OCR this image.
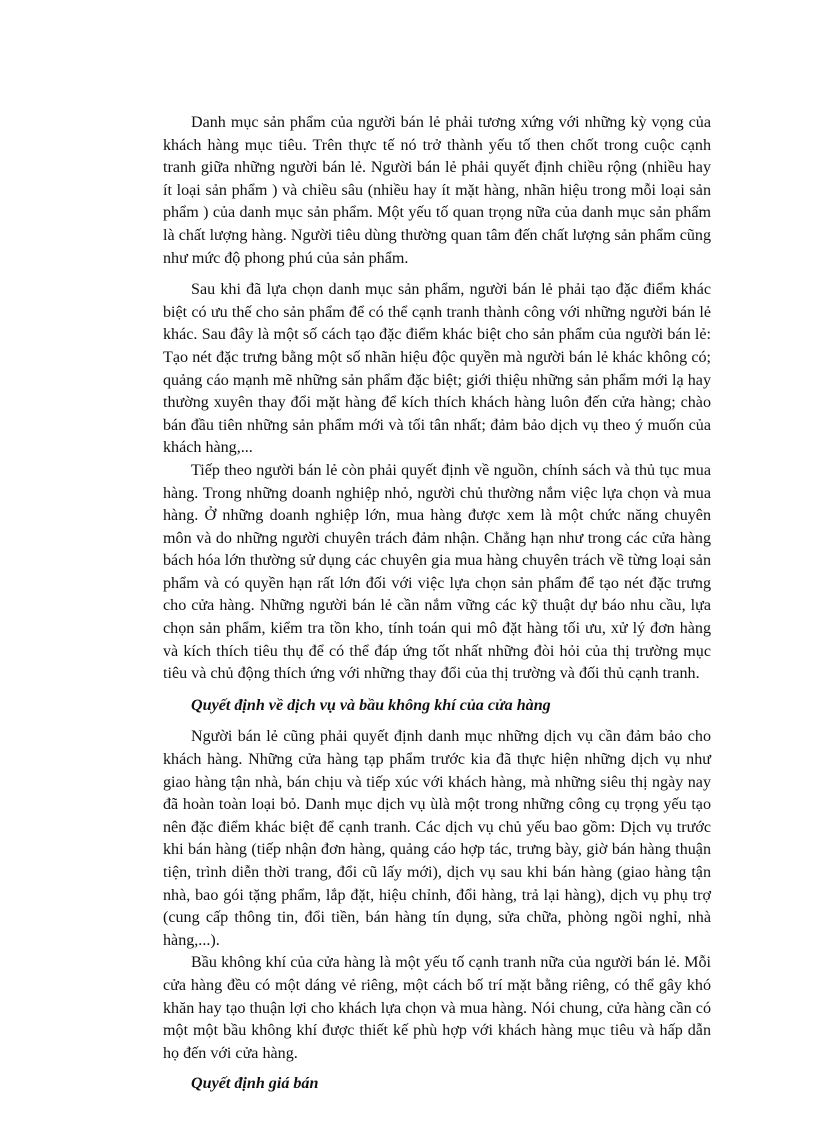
Danh mục sản phẩm của người bán lẻ phải tương xứng với những kỳ vọng của khách hàng mục tiêu. Trên thực tế nó trở thành yếu tố then chốt trong cuộc cạnh tranh giữa những người bán lẻ. Người bán lẻ phải quyết định chiều rộng (nhiều hay ít loại sản phẩm ) và chiều sâu (nhiều hay ít mặt hàng, nhãn hiệu trong mỗi loại sản phẩm ) của danh mục sản phẩm. Một yếu tố quan trọng nữa của danh mục sản phẩm là chất lượng hàng. Người tiêu dùng thường quan tâm đến chất lượng sản phẩm cũng như mức độ phong phú của sản phẩm.

Sau khi đã lựa chọn danh mục sản phẩm, người bán lẻ phải tạo đặc điểm khác biệt có ưu thế cho sản phẩm để có thể cạnh tranh thành công với những người bán lẻ khác. Sau đây là một số cách tạo đặc điểm khác biệt cho sản phẩm của người bán lẻ: Tạo nét đặc trưng bằng một số nhãn hiệu độc quyền mà người bán lẻ khác không có; quảng cáo mạnh mẽ những sản phẩm đặc biệt; giới thiệu những sản phẩm mới lạ hay thường xuyên thay đổi mặt hàng để kích thích khách hàng luôn đến cửa hàng; chào bán đầu tiên những sản phẩm mới và tối tân nhất; đảm bảo dịch vụ theo ý muốn của khách hàng,...

Tiếp theo người bán lẻ còn phải quyết định về nguồn, chính sách và thủ tục mua hàng. Trong những doanh nghiệp nhỏ, người chủ thường nắm việc lựa chọn và mua hàng. Ở những doanh nghiệp lớn, mua hàng được xem là một chức năng chuyên môn và do những người chuyên trách đảm nhận. Chẳng hạn như trong các cửa hàng bách hóa lớn thường sử dụng các chuyên gia mua hàng chuyên trách về từng loại sản phẩm và có quyền hạn rất lớn đối với việc lựa chọn sản phẩm để tạo nét đặc trưng cho cửa hàng. Những người bán lẻ cần nắm vững các kỹ thuật dự báo nhu cầu, lựa chọn sản phẩm, kiểm tra tồn kho, tính toán qui mô đặt hàng tối ưu, xử lý đơn hàng và kích thích tiêu thụ để có thể đáp ứng tốt nhất những đòi hỏi của thị trường mục tiêu và chủ động thích ứng với những thay đổi của thị trường và đối thủ cạnh tranh.

Quyết định về dịch vụ và bầu không khí của cửa hàng

Người bán lẻ cũng phải quyết định danh mục những dịch vụ cần đảm bảo cho khách hàng. Những cửa hàng tạp phẩm trước kia đã thực hiện những dịch vụ như giao hàng tận nhà, bán chịu và tiếp xúc với khách hàng, mà những siêu thị ngày nay đã hoàn toàn loại bỏ. Danh mục dịch vụ ùlà một trong những công cụ trọng yếu tạo nên đặc điểm khác biệt để cạnh tranh. Các dịch vụ chủ yếu bao gồm: Dịch vụ trước khi bán hàng (tiếp nhận đơn hàng, quảng cáo hợp tác, trưng bày, giờ bán hàng thuận tiện, trình diễn thời trang, đổi cũ lấy mới), dịch vụ sau khi bán hàng (giao hàng tận nhà, bao gói tặng phẩm, lắp đặt, hiệu chỉnh, đổi hàng, trả lại hàng), dịch vụ phụ trợ (cung cấp thông tin, đổi tiền, bán hàng tín dụng, sửa chữa, phòng ngồi nghỉ, nhà hàng,...).

Bầu không khí của cửa hàng là một yếu tố cạnh tranh nữa của người bán lẻ. Mỗi cửa hàng đều có một dáng vẻ riêng, một cách bố trí mặt bằng riêng, có thể gây khó khăn hay tạo thuận lợi cho khách lựa chọn và mua hàng. Nói chung, cửa hàng cần có một một bầu không khí được thiết kế phù hợp với khách hàng mục tiêu và hấp dẫn họ đến với cửa hàng.

Quyết định giá bán
